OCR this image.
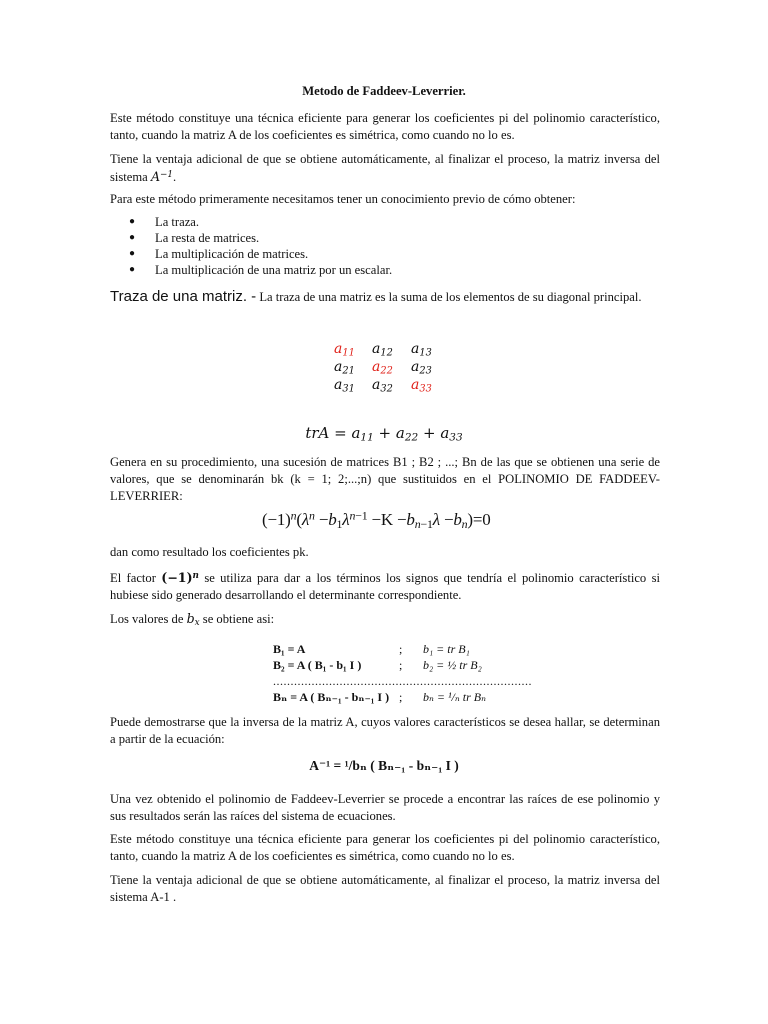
Metodo de Faddeev-Leverrier.

Este método constituye una técnica eficiente para generar los coeficientes pi del polinomio característico, tanto, cuando la matriz A de los coeficientes es simétrica, como cuando no lo es.

Tiene la ventaja adicional de que se obtiene automáticamente, al finalizar el proceso, la matriz inversa del sistema $A^{-1}$.

Para este método primeramente necesitamos tener un conocimiento previo de cómo obtener:

● La traza.
● La resta de matrices.
● La multiplicación de matrices.
● La multiplicación de una matriz por un escalar.

Traza de una matriz. - La traza de una matriz es la suma de los elementos de su diagonal principal.

$a_{11}$	$a_{12}$	$a_{13}$
$a_{21}$	$a_{22}$	$a_{23}$
$a_{31}$	$a_{32}$	$a_{33}$
trA = $a_{11} + a_{22} + a_{33}$

Genera en su procedimiento, una sucesión de matrices B1 ; B2 ; ...; Bn de las que se obtienen una serie de valores, que se denominarán bk (k = 1; 2;...;n) que sustituidos en el POLINOMIO DE FADDEEV-LEVERRIER:

$(-1)^n(\lambda^n -b_1\lambda^{n-1} -K -b_{n-1}\lambda -b_n)=0$

dan como resultado los coeficientes pk.

El factor $(-1)^n$ se utiliza para dar a los términos los signos que tendría el polinomio característico si hubiese sido generado desarrollando el determinante correspondiente.

Los valores de $b_x$ se obtiene asi:

B₁ = A	; b₁ = tr B₁
B₂ = A ( B₁ - b₁ I )	; b₂ = ½ tr B₂
..........................................................................
Bₙ = A ( Bₙ₋₁ - bₙ₋₁ I ) ; bₙ = ¹/ₙ tr Bₙ

Puede demostrarse que la inversa de la matriz A, cuyos valores característicos se desea hallar, se determinan a partir de la ecuación:

A⁻¹ = ¹/bₙ ( Bₙ₋₁ - bₙ₋₁ I )

Una vez obtenido el polinomio de Faddeev-Leverrier se procede a encontrar las raíces de ese polinomio y sus resultados serán las raíces del sistema de ecuaciones.

Este método constituye una técnica eficiente para generar los coeficientes pi del polinomio característico, tanto, cuando la matriz A de los coeficientes es simétrica, como cuando no lo es.

Tiene la ventaja adicional de que se obtiene automáticamente, al finalizar el proceso, la matriz inversa del sistema A-1 .
